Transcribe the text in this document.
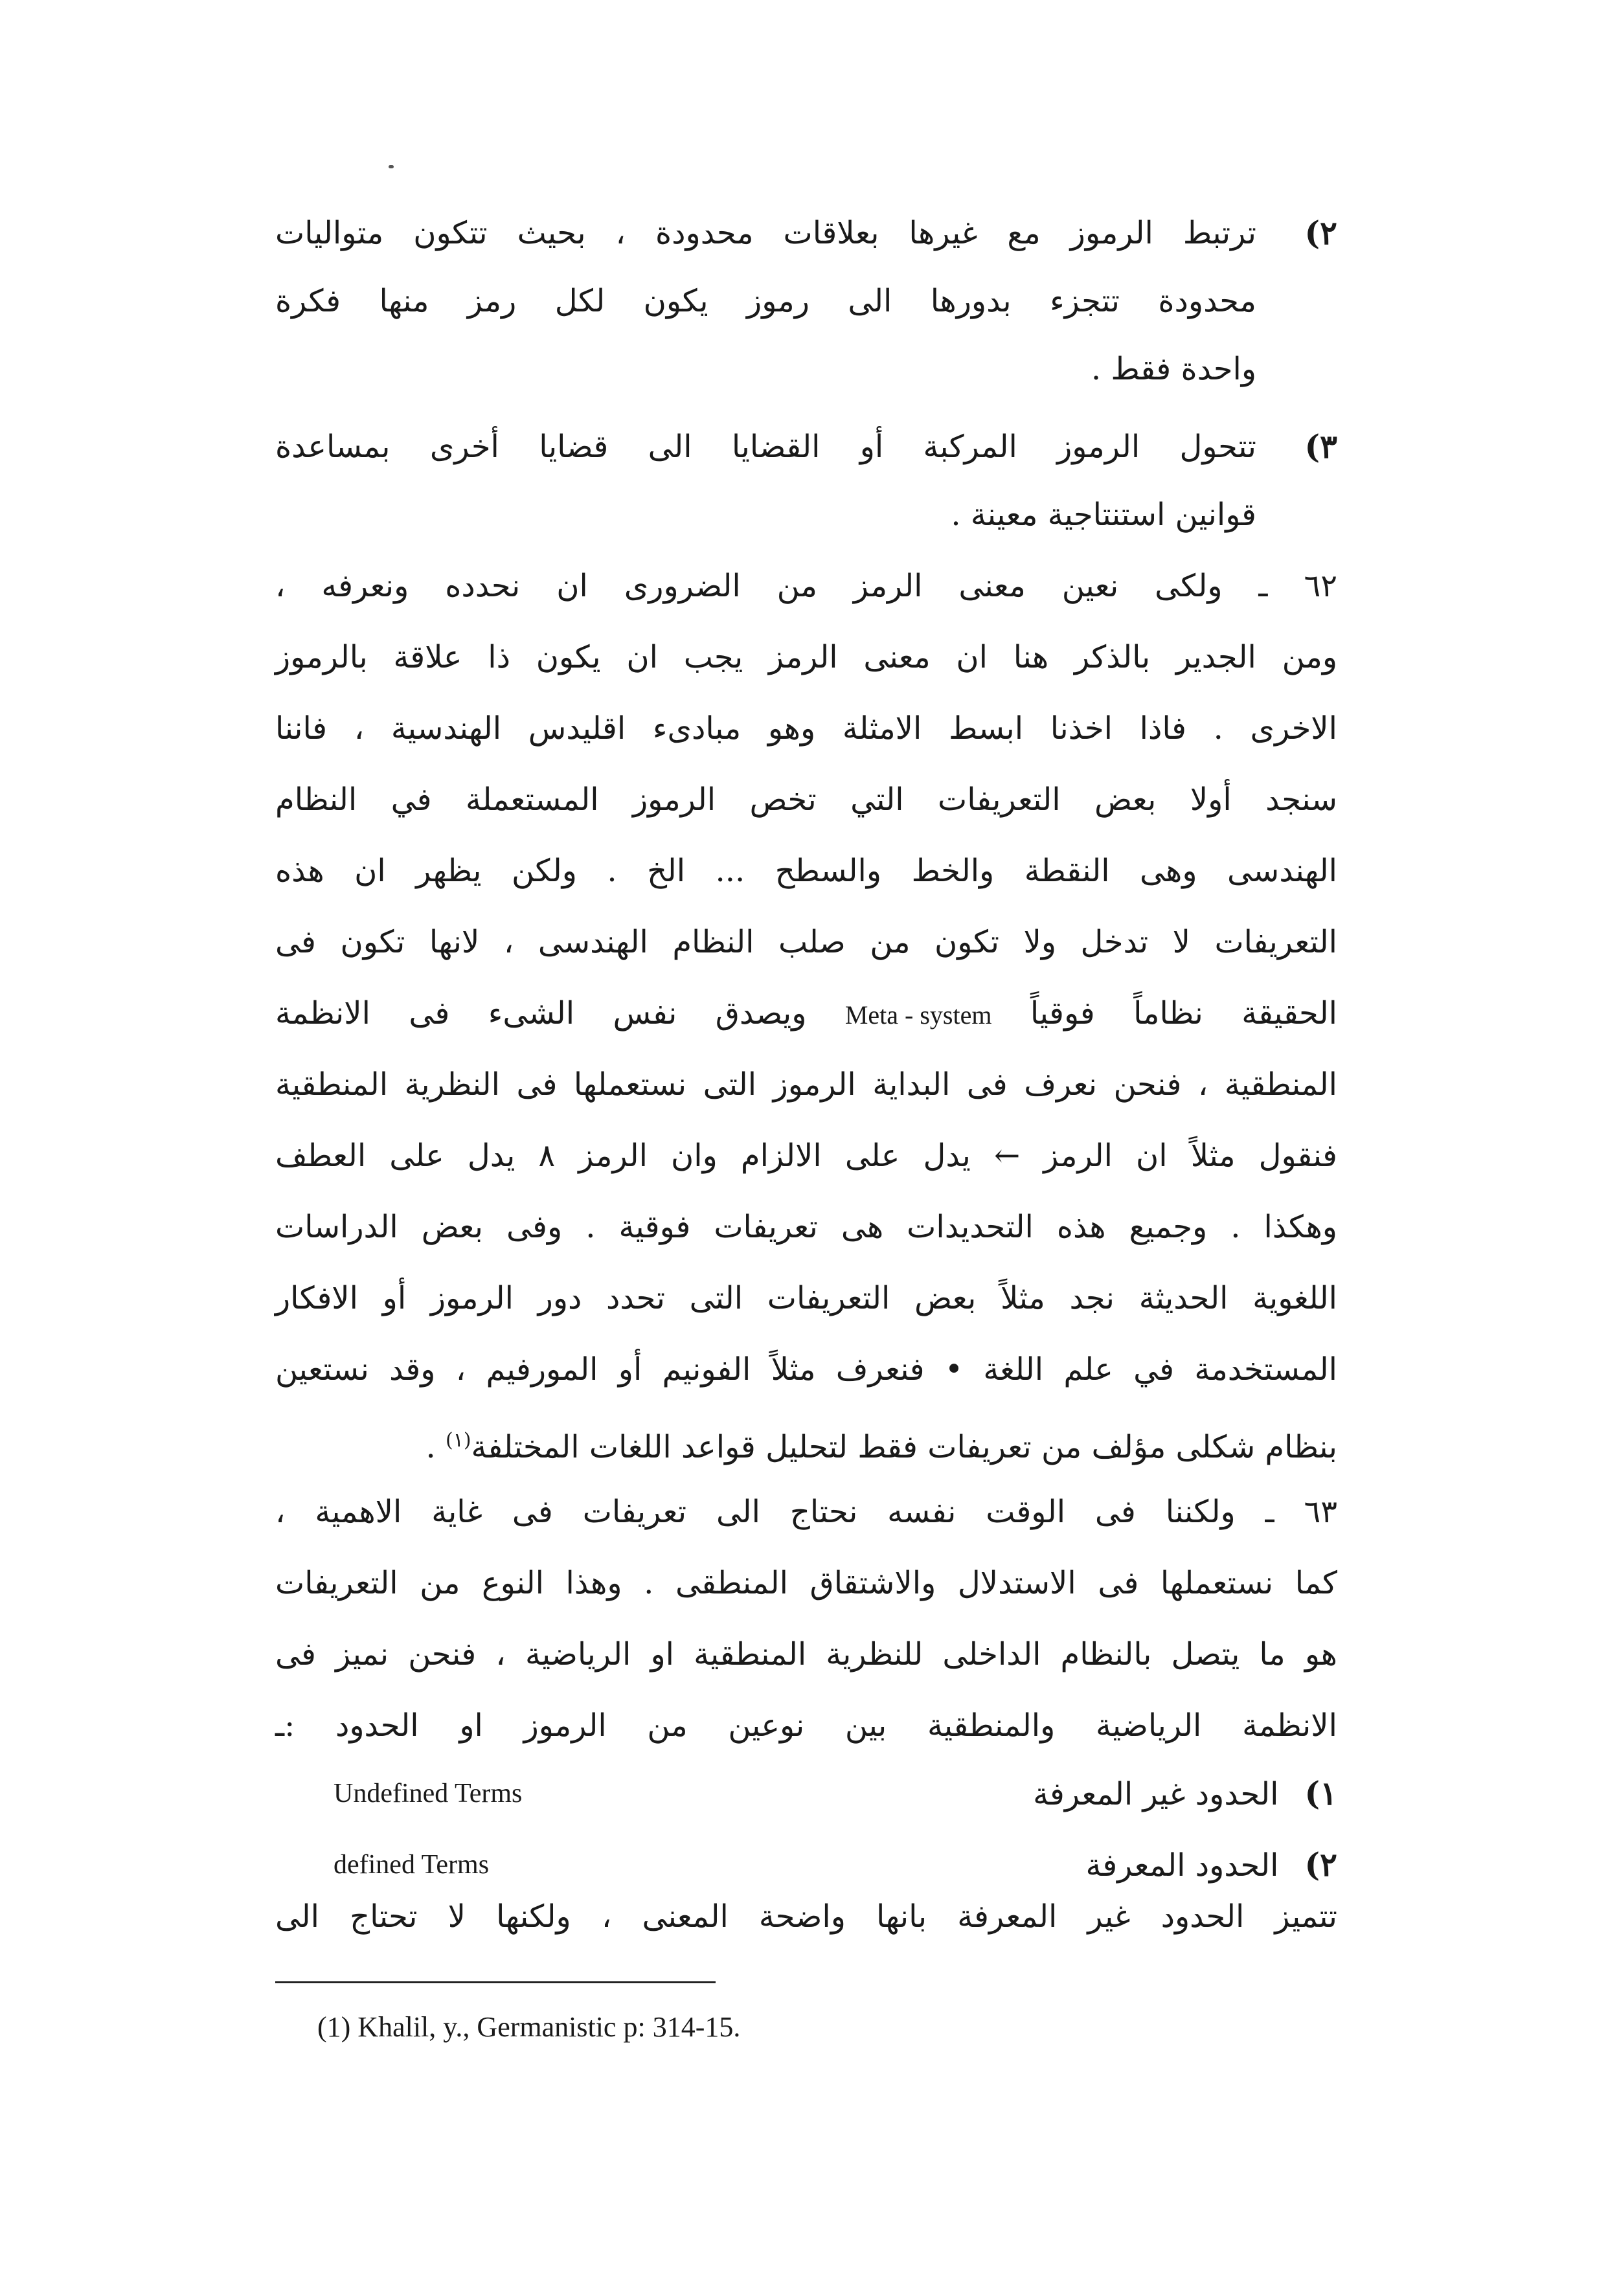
٢)
ترتبط الرموز مع غيرها بعلاقات محدودة ، بحيث تتكون متواليات
محدودة تتجزء بدورها الى رموز يكون لكل رمز منها فكرة
واحدة فقط .
٣)
تتحول الرموز المركبة أو القضايا الى قضايا أخرى بمساعدة
قوانين استنتاجية معينة .
٦٢ ـ ولكى نعين معنى الرمز من الضرورى ان نحدده ونعرفه ،
ومن الجدير بالذكر هنا ان معنى الرمز يجب ان يكون ذا علاقة بالرموز
الاخرى . فاذا اخذنا ابسط الامثلة وهو مبادىء اقليدس الهندسية ، فاننا
سنجد أولا بعض التعريفات التي تخص الرموز المستعملة في النظام
الهندسى وهى النقطة والخط والسطح ... الخ . ولكن يظهر ان هذه
التعريفات لا تدخل ولا تكون من صلب النظام الهندسى ، لانها تكون فى
الحقيقة نظاماً فوقياً Meta - system ويصدق نفس الشىء فى الانظمة
المنطقية ، فنحن نعرف فى البداية الرموز التى نستعملها فى النظرية المنطقية
فنقول مثلاً ان الرمز ← يدل على الالزام وان الرمز ٨ يدل على العطف
وهكذا . وجميع هذه التحديدات هى تعريفات فوقية . وفى بعض الدراسات
اللغوية الحديثة نجد مثلاً بعض التعريفات التى تحدد دور الرموز أو الافكار
المستخدمة في علم اللغة • فنعرف مثلاً الفونيم أو المورفيم ، وقد نستعين
بنظام شكلى مؤلف من تعريفات فقط لتحليل قواعد اللغات المختلفة$^{(١)}$ .
٦٣ ـ ولكننا فى الوقت نفسه نحتاج الى تعريفات فى غاية الاهمية ،
كما نستعملها فى الاستدلال والاشتقاق المنطقى . وهذا النوع من التعريفات
هو ما يتصل بالنظام الداخلى للنظرية المنطقية او الرياضية ، فنحن نميز فى
الانظمة الرياضية والمنطقية بين نوعين من الرموز او الحدود :ـ
١)الحدود غير المعرفة
Undefined Terms
٢)الحدود المعرفة
defined Terms
تتميز الحدود غير المعرفة بانها واضحة المعنى ، ولكنها لا تحتاج الى
(1) Khalil, y., Germanistic p: 314-15.
